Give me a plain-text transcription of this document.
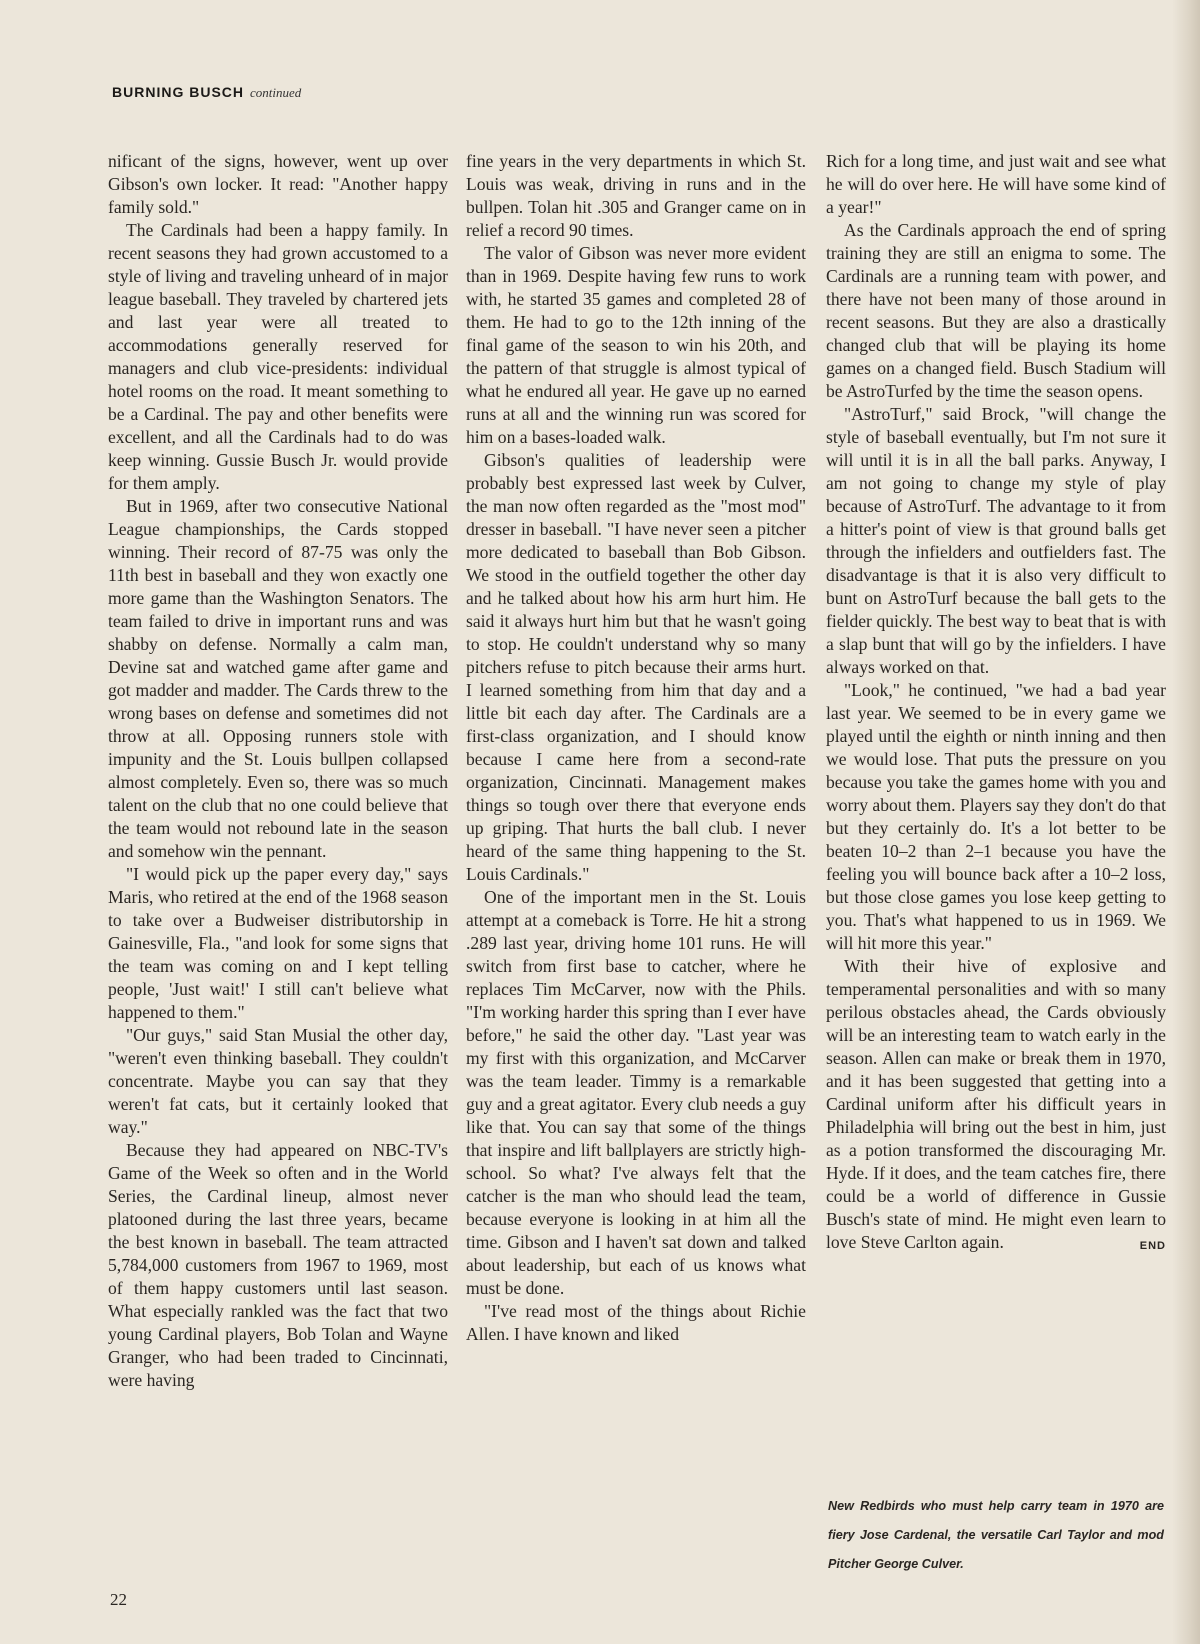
BURNING BUSCH continued

nificant of the signs, however, went up over Gibson's own locker. It read: "Another happy family sold."

The Cardinals had been a happy family. In recent seasons they had grown accustomed to a style of living and traveling unheard of in major league baseball. They traveled by chartered jets and last year were all treated to accommodations generally reserved for managers and club vice-presidents: individual hotel rooms on the road. It meant something to be a Cardinal. The pay and other benefits were excellent, and all the Cardinals had to do was keep winning. Gussie Busch Jr. would provide for them amply.

But in 1969, after two consecutive National League championships, the Cards stopped winning. Their record of 87-75 was only the 11th best in baseball and they won exactly one more game than the Washington Senators. The team failed to drive in important runs and was shabby on defense. Normally a calm man, Devine sat and watched game after game and got madder and madder. The Cards threw to the wrong bases on defense and sometimes did not throw at all. Opposing runners stole with impunity and the St. Louis bullpen collapsed almost completely. Even so, there was so much talent on the club that no one could believe that the team would not rebound late in the season and somehow win the pennant.

"I would pick up the paper every day," says Maris, who retired at the end of the 1968 season to take over a Budweiser distributorship in Gainesville, Fla., "and look for some signs that the team was coming on and I kept telling people, 'Just wait!' I still can't believe what happened to them."

"Our guys," said Stan Musial the other day, "weren't even thinking baseball. They couldn't concentrate. Maybe you can say that they weren't fat cats, but it certainly looked that way."

Because they had appeared on NBC-TV's Game of the Week so often and in the World Series, the Cardinal lineup, almost never platooned during the last three years, became the best known in baseball. The team attracted 5,784,000 customers from 1967 to 1969, most of them happy customers until last season. What especially rankled was the fact that two young Cardinal players, Bob Tolan and Wayne Granger, who had been traded to Cincinnati, were having

fine years in the very departments in which St. Louis was weak, driving in runs and in the bullpen. Tolan hit .305 and Granger came on in relief a record 90 times.

The valor of Gibson was never more evident than in 1969. Despite having few runs to work with, he started 35 games and completed 28 of them. He had to go to the 12th inning of the final game of the season to win his 20th, and the pattern of that struggle is almost typical of what he endured all year. He gave up no earned runs at all and the winning run was scored for him on a bases-loaded walk.

Gibson's qualities of leadership were probably best expressed last week by Culver, the man now often regarded as the "most mod" dresser in baseball. "I have never seen a pitcher more dedicated to baseball than Bob Gibson. We stood in the outfield together the other day and he talked about how his arm hurt him. He said it always hurt him but that he wasn't going to stop. He couldn't understand why so many pitchers refuse to pitch because their arms hurt. I learned something from him that day and a little bit each day after. The Cardinals are a first-class organization, and I should know because I came here from a second-rate organization, Cincinnati. Management makes things so tough over there that everyone ends up griping. That hurts the ball club. I never heard of the same thing happening to the St. Louis Cardinals."

One of the important men in the St. Louis attempt at a comeback is Torre. He hit a strong .289 last year, driving home 101 runs. He will switch from first base to catcher, where he replaces Tim McCarver, now with the Phils. "I'm working harder this spring than I ever have before," he said the other day. "Last year was my first with this organization, and McCarver was the team leader. Timmy is a remarkable guy and a great agitator. Every club needs a guy like that. You can say that some of the things that inspire and lift ballplayers are strictly high-school. So what? I've always felt that the catcher is the man who should lead the team, because everyone is looking in at him all the time. Gibson and I haven't sat down and talked about leadership, but each of us knows what must be done.

"I've read most of the things about Richie Allen. I have known and liked

Rich for a long time, and just wait and see what he will do over here. He will have some kind of a year!"

As the Cardinals approach the end of spring training they are still an enigma to some. The Cardinals are a running team with power, and there have not been many of those around in recent seasons. But they are also a drastically changed club that will be playing its home games on a changed field. Busch Stadium will be AstroTurfed by the time the season opens.

"AstroTurf," said Brock, "will change the style of baseball eventually, but I'm not sure it will until it is in all the ball parks. Anyway, I am not going to change my style of play because of AstroTurf. The advantage to it from a hitter's point of view is that ground balls get through the infielders and outfielders fast. The disadvantage is that it is also very difficult to bunt on AstroTurf because the ball gets to the fielder quickly. The best way to beat that is with a slap bunt that will go by the infielders. I have always worked on that.

"Look," he continued, "we had a bad year last year. We seemed to be in every game we played until the eighth or ninth inning and then we would lose. That puts the pressure on you because you take the games home with you and worry about them. Players say they don't do that but they certainly do. It's a lot better to be beaten 10–2 than 2–1 because you have the feeling you will bounce back after a 10–2 loss, but those close games you lose keep getting to you. That's what happened to us in 1969. We will hit more this year."

With their hive of explosive and temperamental personalities and with so many perilous obstacles ahead, the Cards obviously will be an interesting team to watch early in the season. Allen can make or break them in 1970, and it has been suggested that getting into a Cardinal uniform after his difficult years in Philadelphia will bring out the best in him, just as a potion transformed the discouraging Mr. Hyde. If it does, and the team catches fire, there could be a world of difference in Gussie Busch's state of mind. He might even learn to love Steve Carlton again.	END

New Redbirds who must help carry team in 1970 are fiery Jose Cardenal, the versatile Carl Taylor and mod Pitcher George Culver.
22
